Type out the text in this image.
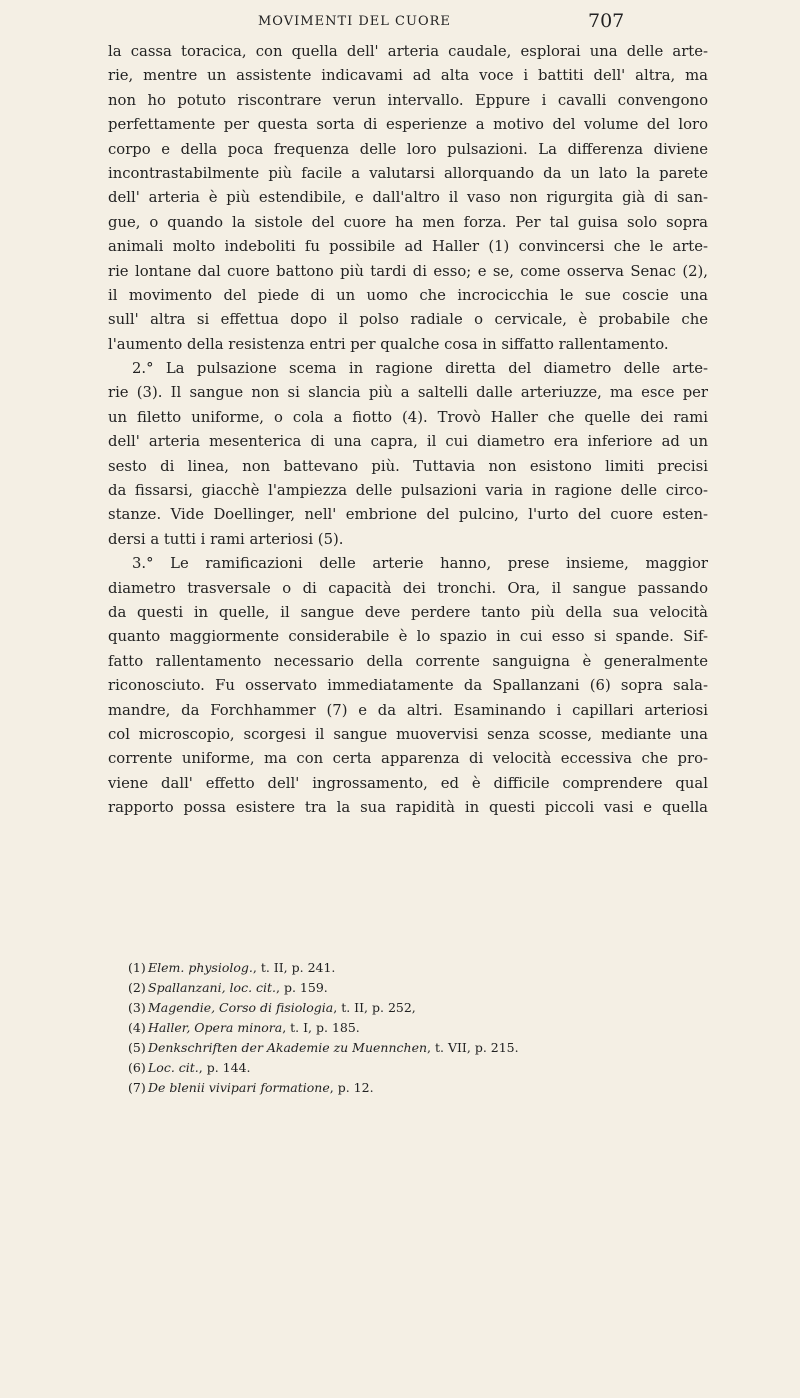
MOVIMENTI DEL CUORE	707
la cassa toracica, con quella dell' arteria caudale, esplorai una delle arte-
rie, mentre un assistente indicavami ad alta voce i battiti dell' altra, ma
non ho potuto riscontrare verun intervallo. Eppure i cavalli convengono
perfettamente per questa sorta di esperienze a motivo del volume del loro
corpo e della poca frequenza delle loro pulsazioni. La differenza diviene
incontrastabilmente più facile a valutarsi allorquando da un lato la parete
dell' arteria è più estendibile, e dall'altro il vaso non rigurgita già di san-
gue, o quando la sistole del cuore ha men forza. Per tal guisa solo sopra
animali molto indeboliti fu possibile ad Haller (1) convincersi che le arte-
rie lontane dal cuore battono più tardi di esso; e se, come osserva Senac (2),
il movimento del piede di un uomo che incrocicchia le sue coscie una
sull' altra si effettua dopo il polso radiale o cervicale, è probabile che
l'aumento della resistenza entri per qualche cosa in siffatto rallentamento.
2.° La pulsazione scema in ragione diretta del diametro delle arte-
rie (3). Il sangue non si slancia più a saltelli dalle arteriuzze, ma esce per
un filetto uniforme, o cola a fiotto (4). Trovò Haller che quelle dei rami
dell' arteria mesenterica di una capra, il cui diametro era inferiore ad un
sesto di linea, non battevano più. Tuttavia non esistono limiti precisi
da fissarsi, giacchè l'ampiezza delle pulsazioni varia in ragione delle circo-
stanze. Vide Doellinger, nell' embrione del pulcino, l'urto del cuore esten-
dersi a tutti i rami arteriosi (5).
3.° Le ramificazioni delle arterie hanno, prese insieme, maggior
diametro trasversale o di capacità dei tronchi. Ora, il sangue passando
da questi in quelle, il sangue deve perdere tanto più della sua velocità
quanto maggiormente considerabile è lo spazio in cui esso si spande. Sif-
fatto rallentamento necessario della corrente sanguigna è generalmente
riconosciuto. Fu osservato immediatamente da Spallanzani (6) sopra sala-
mandre, da Forchhammer (7) e da altri. Esaminando i capillari arteriosi
col microscopio, scorgesi il sangue muovervisi senza scosse, mediante una
corrente uniforme, ma con certa apparenza di velocità eccessiva che pro-
viene dall' effetto dell' ingrossamento, ed è difficile comprendere qual
rapporto possa esistere tra la sua rapidità in questi piccoli vasi e quella
(1) Elem. physiolog., t. II, p. 241.
(2) Spallanzani, loc. cit., p. 159.
(3) Magendie, Corso di fisiologia, t. II, p. 252,
(4) Haller, Opera minora, t. I, p. 185.
(5) Denkschriften der Akademie zu Muennchen, t. VII, p. 215.
(6) Loc. cit., p. 144.
(7) De blenii vivipari formatione, p. 12.
